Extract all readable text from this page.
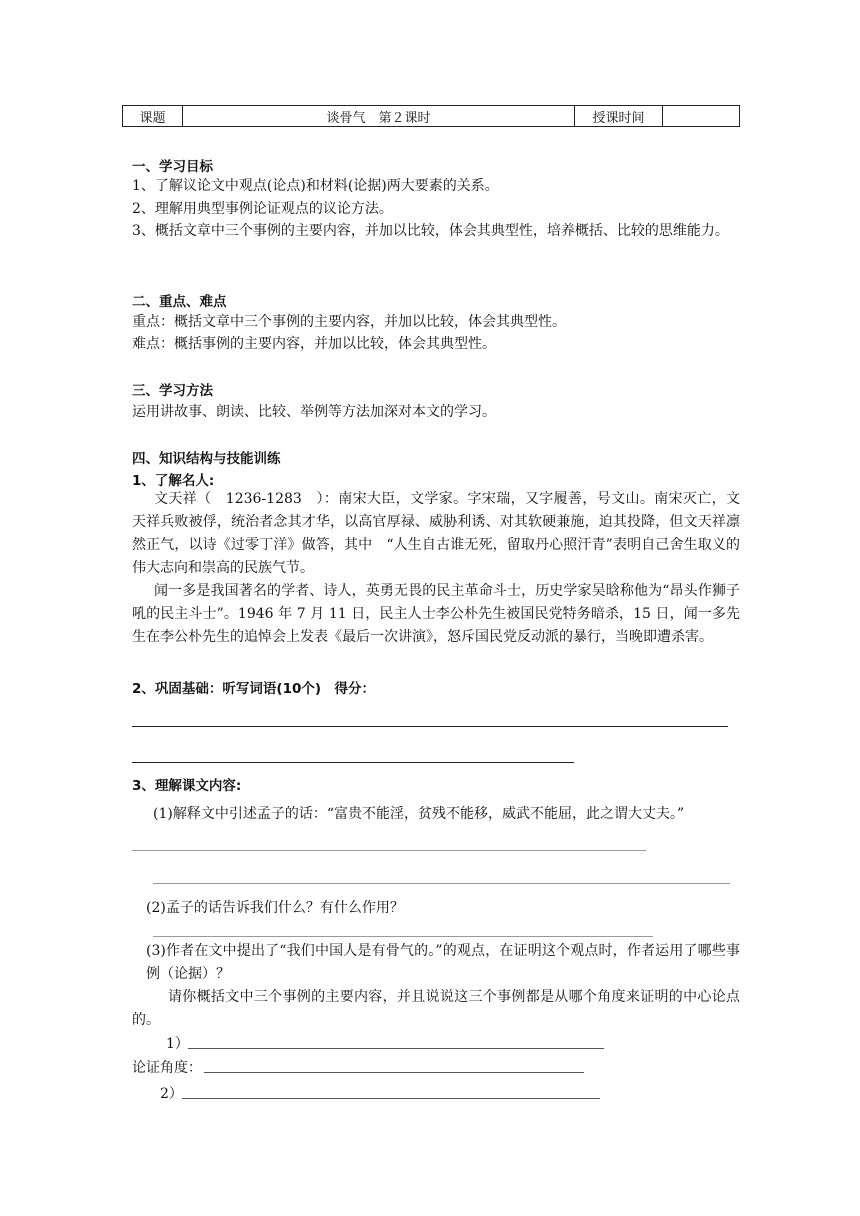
课题	谈骨气　第２课时	授课时间	
一、学习目标
1、了解议论文中观点(论点)和材料(论据)两大要素的关系。
2、理解用典型事例论证观点的议论方法。
3、概括文章中三个事例的主要内容，并加以比较，体会其典型性，培养概括、比较的思维能力。
二、重点、难点
重点：概括文章中三个事例的主要内容，并加以比较，体会其典型性。
难点：概括事例的主要内容，并加以比较，体会其典型性。
三、学习方法
运用讲故事、朗读、比较、举例等方法加深对本文的学习。
四、知识结构与技能训练
1、了解名人:
文天祥（　1236-1283　）：南宋大臣，文学家。字宋瑞，又字履善，号文山。南宋灭亡，文天祥兵败被俘，统治者念其才华，以高官厚禄、威胁利诱、对其软硬兼施，迫其投降，但文天祥凛然正气，以诗《过零丁洋》做答，其中　“人生自古谁无死，留取丹心照汗青”表明自己舍生取义的伟大志向和崇高的民族气节。
闻一多是我国著名的学者、诗人，英勇无畏的民主革命斗士，历史学家吴晗称他为“昂头作狮子吼的民主斗士”。1946 年 7 月 11 日，民主人士李公朴先生被国民党特务暗杀，15 日，闻一多先生在李公朴先生的追悼会上发表《最后一次讲演》，怒斥国民党反动派的暴行，当晚即遭杀害。
2、巩固基础：听写词语(10个)　得分：
3、理解课文内容:
(1)解释文中引述孟子的话：“富贵不能淫，贫残不能移，威武不能屈，此之谓大丈夫。”
(2)孟子的话告诉我们什么？有什么作用？
(3)作者在文中提出了“我们中国人是有骨气的。”的观点，在证明这个观点时，作者运用了哪些事例（论据）？
请你概括文中三个事例的主要内容，并且说说这三个事例都是从哪个角度来证明的中心论点的。
1）
论证角度：
2）
